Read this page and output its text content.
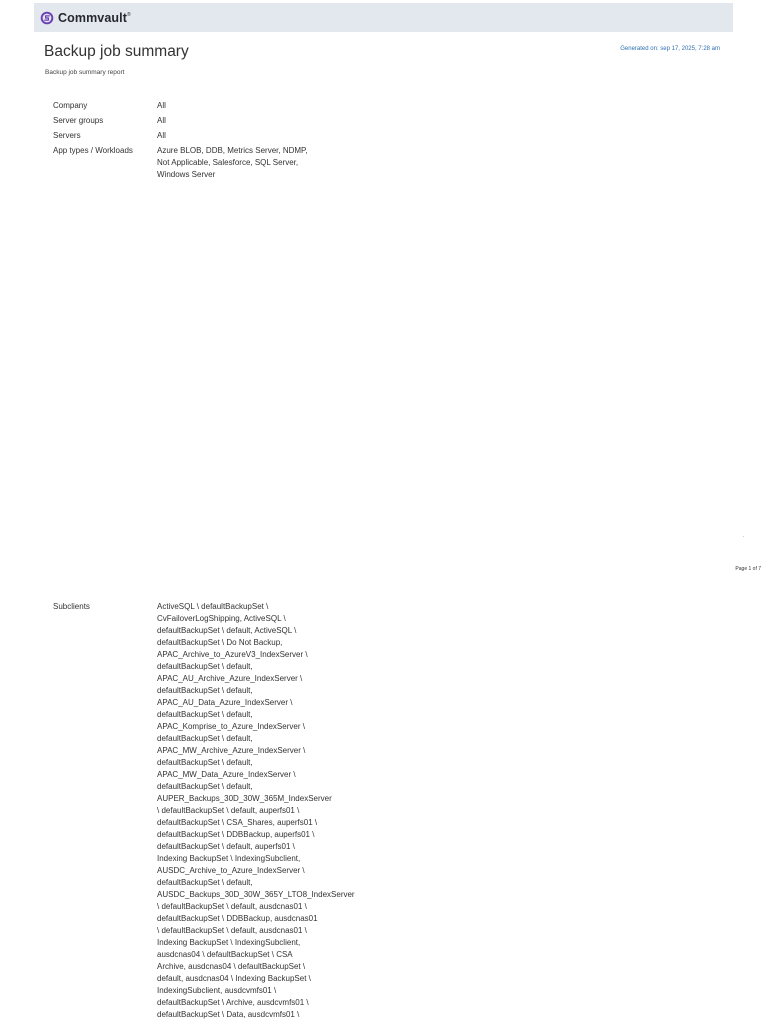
Commvault®
Backup job summary
Backup job summary report
Generated on: sep 17, 2025, 7:28 am
Company	All
Server groups	All
Servers	All
App types / Workloads	Azure BLOB, DDB, Metrics Server, NDMP,
Not Applicable, Salesforce, SQL Server,
Windows Server
Page 1 of 7
Subclients	ActiveSQL \ defaultBackupSet \
CvFailoverLogShipping, ActiveSQL \
defaultBackupSet \ default, ActiveSQL \
defaultBackupSet \ Do Not Backup,
APAC_Archive_to_AzureV3_IndexServer \
defaultBackupSet \ default,
APAC_AU_Archive_Azure_IndexServer \
defaultBackupSet \ default,
APAC_AU_Data_Azure_IndexServer \
defaultBackupSet \ default,
APAC_Komprise_to_Azure_IndexServer \
defaultBackupSet \ default,
APAC_MW_Archive_Azure_IndexServer \
defaultBackupSet \ default,
APAC_MW_Data_Azure_IndexServer \
defaultBackupSet \ default,
AUPER_Backups_30D_30W_365M_IndexServer
\ defaultBackupSet \ default, auperfs01 \
defaultBackupSet \ CSA_Shares, auperfs01 \
defaultBackupSet \ DDBBackup, auperfs01 \
defaultBackupSet \ default, auperfs01 \
Indexing BackupSet \ IndexingSubclient,
AUSDC_Archive_to_Azure_IndexServer \
defaultBackupSet \ default,
AUSDC_Backups_30D_30W_365Y_LTO8_IndexServer
\ defaultBackupSet \ default, ausdcnas01 \
defaultBackupSet \ DDBBackup, ausdcnas01
\ defaultBackupSet \ default, ausdcnas01 \
Indexing BackupSet \ IndexingSubclient,
ausdcnas04 \ defaultBackupSet \ CSA
Archive, ausdcnas04 \ defaultBackupSet \
default, ausdcnas04 \ Indexing BackupSet \
IndexingSubclient, ausdcvmfs01 \
defaultBackupSet \ Archive, ausdcvmfs01 \
defaultBackupSet \ Data, ausdcvmfs01 \
